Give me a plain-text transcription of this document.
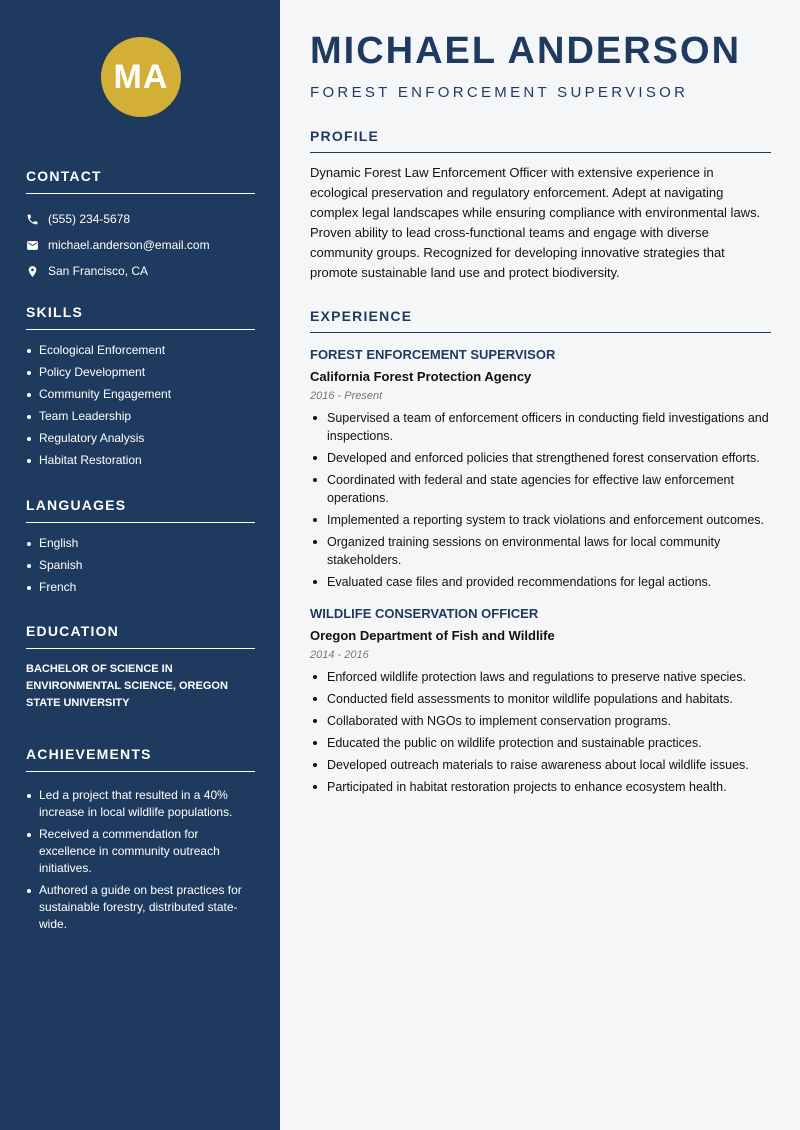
MA
CONTACT
(555) 234-5678
michael.anderson@email.com
San Francisco, CA
SKILLS
Ecological Enforcement
Policy Development
Community Engagement
Team Leadership
Regulatory Analysis
Habitat Restoration
LANGUAGES
English
Spanish
French
EDUCATION
BACHELOR OF SCIENCE IN ENVIRONMENTAL SCIENCE, OREGON STATE UNIVERSITY
ACHIEVEMENTS
Led a project that resulted in a 40% increase in local wildlife populations.
Received a commendation for excellence in community outreach initiatives.
Authored a guide on best practices for sustainable forestry, distributed state-wide.
MICHAEL ANDERSON
FOREST ENFORCEMENT SUPERVISOR
PROFILE
Dynamic Forest Law Enforcement Officer with extensive experience in ecological preservation and regulatory enforcement. Adept at navigating complex legal landscapes while ensuring compliance with environmental laws. Proven ability to lead cross-functional teams and engage with diverse community groups. Recognized for developing innovative strategies that promote sustainable land use and protect biodiversity.
EXPERIENCE
FOREST ENFORCEMENT SUPERVISOR
California Forest Protection Agency
2016 - Present
Supervised a team of enforcement officers in conducting field investigations and inspections.
Developed and enforced policies that strengthened forest conservation efforts.
Coordinated with federal and state agencies for effective law enforcement operations.
Implemented a reporting system to track violations and enforcement outcomes.
Organized training sessions on environmental laws for local community stakeholders.
Evaluated case files and provided recommendations for legal actions.
WILDLIFE CONSERVATION OFFICER
Oregon Department of Fish and Wildlife
2014 - 2016
Enforced wildlife protection laws and regulations to preserve native species.
Conducted field assessments to monitor wildlife populations and habitats.
Collaborated with NGOs to implement conservation programs.
Educated the public on wildlife protection and sustainable practices.
Developed outreach materials to raise awareness about local wildlife issues.
Participated in habitat restoration projects to enhance ecosystem health.
